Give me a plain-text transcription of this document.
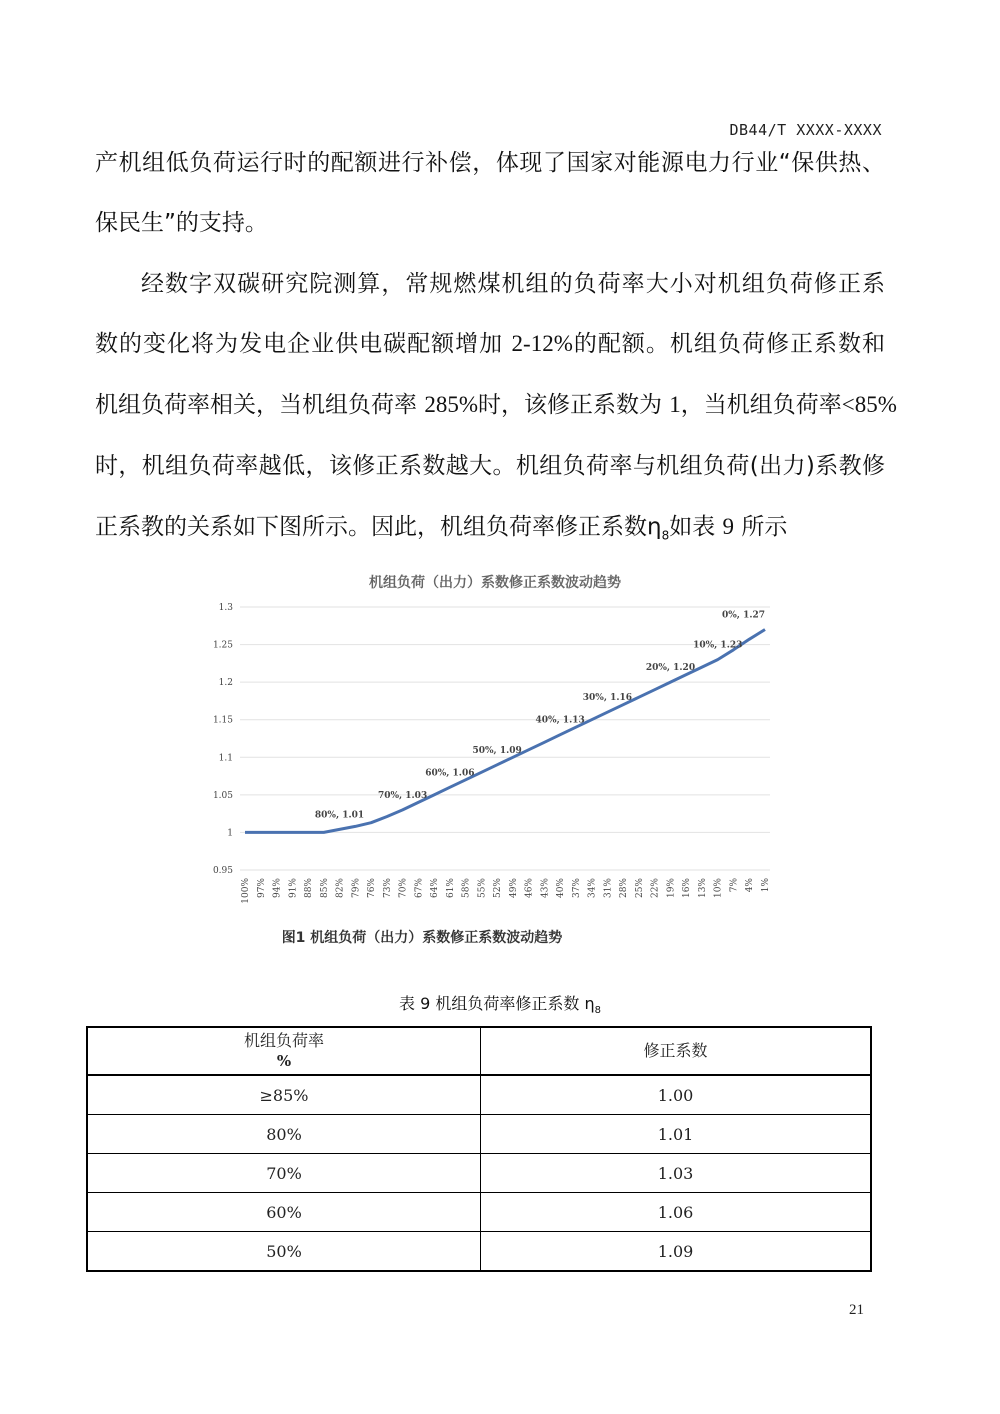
DB44/T XXXX-XXXX
产机组低负荷运行时的配额进行补偿，体现了国家对能源电力行业“保供热、
保民生”的支持。
经数字双碳研究院测算，常规燃煤机组的负荷率大小对机组负荷修正系
数的变化将为发电企业供电碳配额增加 2-12%的配额。机组负荷修正系数和
机组负荷率相关，当机组负荷率 285%时，该修正系数为 1，当机组负荷率<85%
时，机组负荷率越低，该修正系数越大。机组负荷率与机组负荷(出力)系教修
正系教的关系如下图所示。因此，机组负荷率修正系数$\eta_8$如表 9 所示
机组负荷（出力）系数修正系数波动趋势
1.3
1.25
1.2
1.15
1.1
1.05
1
0.95
100% 97% 94% 91% 88% 85% 82% 79% 76% 73% 70% 67% 64% 61% 58% 55% 52% 49% 46% 43% 40% 37% 34% 31% 28% 25% 22% 19% 16% 13% 10% 7% 4% 1%
80%, 1.01
70%, 1.03
60%, 1.06
50%, 1.09
40%, 1.13
30%, 1.16
20%, 1.20
10%, 1.23
0%, 1.27
图1 机组负荷（出力）系数修正系数波动趋势
表 9 机组负荷率修正系数 $\eta_8$
机组负荷率
%	修正系数
≥85%	1.00
80%	1.01
70%	1.03
60%	1.06
50%	1.09
21
